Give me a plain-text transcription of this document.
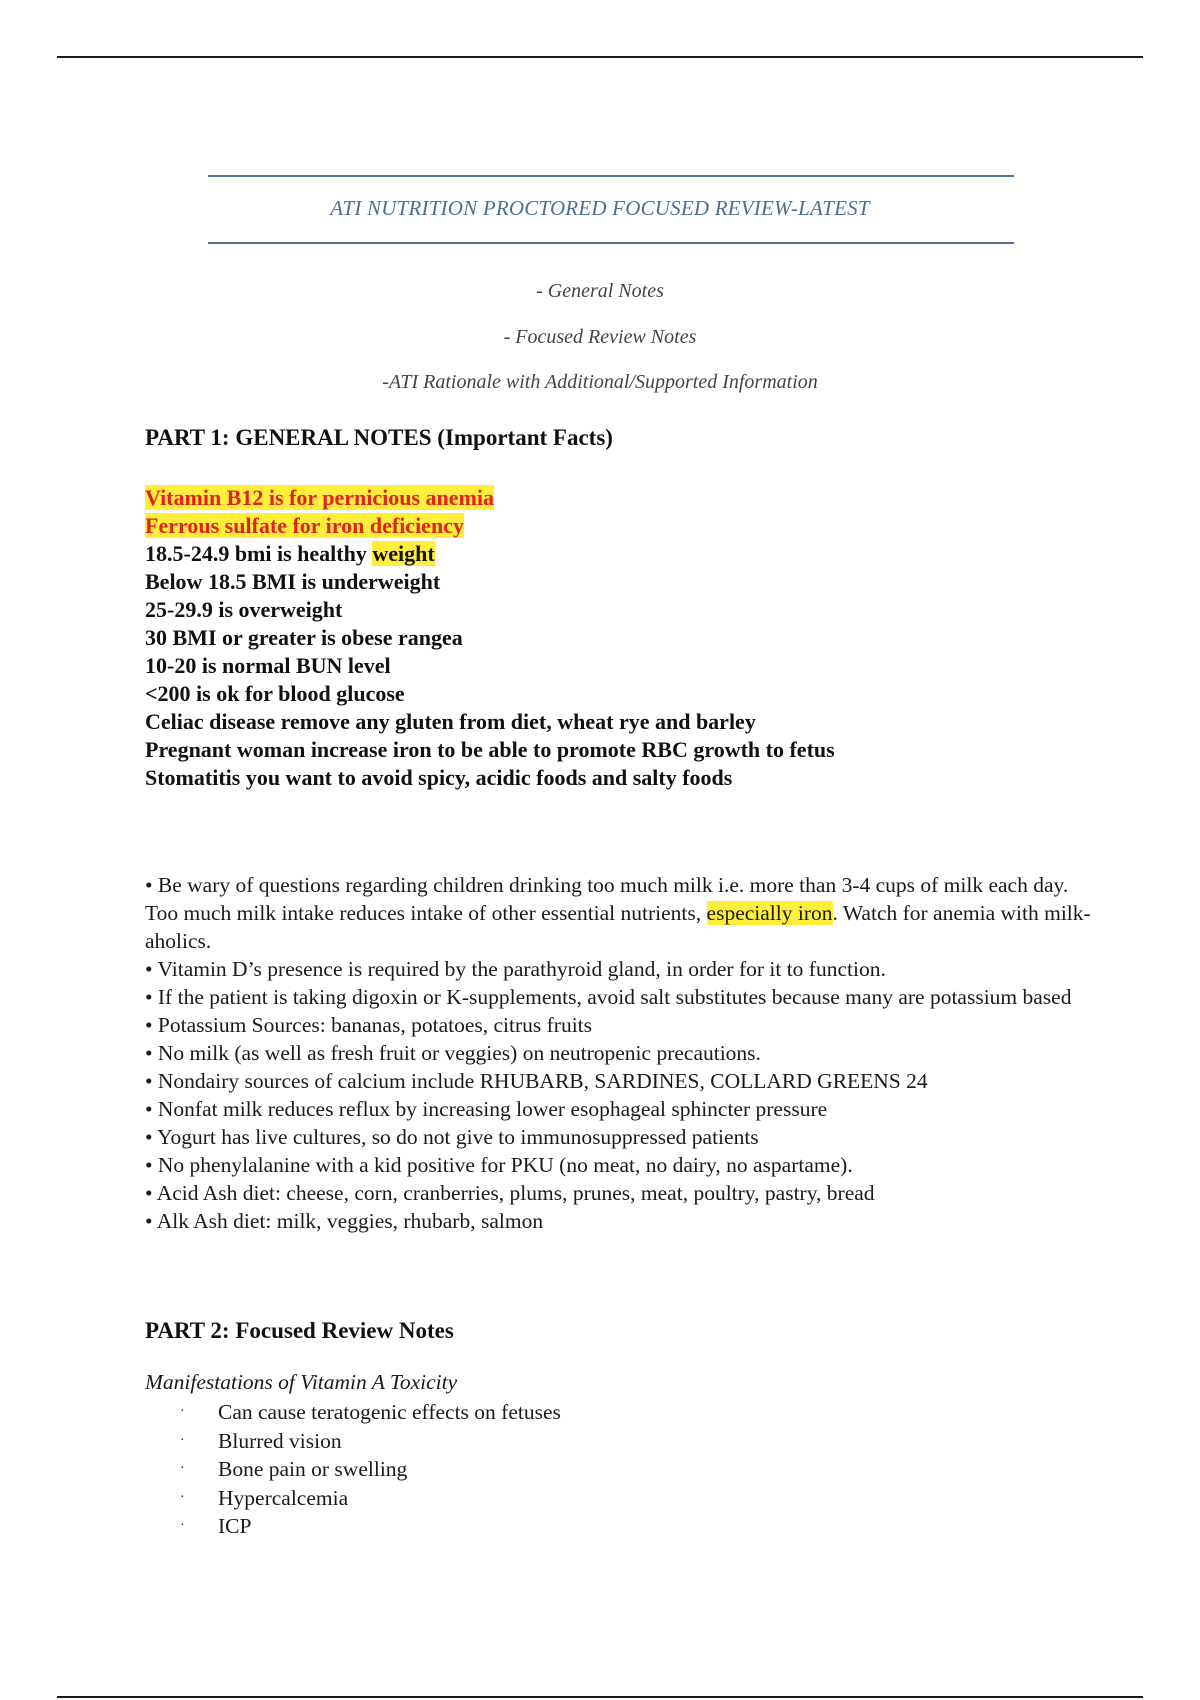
ATI NUTRITION PROCTORED FOCUSED REVIEW-LATEST
- General Notes
- Focused Review Notes
-ATI Rationale with Additional/Supported Information
PART 1: GENERAL NOTES (Important Facts)
Vitamin B12 is for pernicious anemia
Ferrous sulfate for iron deficiency
18.5-24.9 bmi is healthy weight
Below 18.5 BMI is underweight
25-29.9 is overweight
30 BMI or greater is obese rangea
10-20 is normal BUN level
<200 is ok for blood glucose
Celiac disease remove any gluten from diet, wheat rye and barley
Pregnant woman increase iron to be able to promote RBC growth to fetus
Stomatitis you want to avoid spicy, acidic foods and salty foods
• Be wary of questions regarding children drinking too much milk i.e. more than 3-4 cups of milk each day. Too much milk intake reduces intake of other essential nutrients, especially iron. Watch for anemia with milk-aholics.
• Vitamin D’s presence is required by the parathyroid gland, in order for it to function.
• If the patient is taking digoxin or K-supplements, avoid salt substitutes because many are potassium based
• Potassium Sources: bananas, potatoes, citrus fruits
• No milk (as well as fresh fruit or veggies) on neutropenic precautions.
• Nondairy sources of calcium include RHUBARB, SARDINES, COLLARD GREENS 24
• Nonfat milk reduces reflux by increasing lower esophageal sphincter pressure
• Yogurt has live cultures, so do not give to immunosuppressed patients
• No phenylalanine with a kid positive for PKU (no meat, no dairy, no aspartame).
• Acid Ash diet: cheese, corn, cranberries, plums, prunes, meat, poultry, pastry, bread
• Alk Ash diet: milk, veggies, rhubarb, salmon
PART 2: Focused Review Notes
Manifestations of Vitamin A Toxicity
·	Can cause teratogenic effects on fetuses
·	Blurred vision
·	Bone pain or swelling
·	Hypercalcemia
·	ICP
